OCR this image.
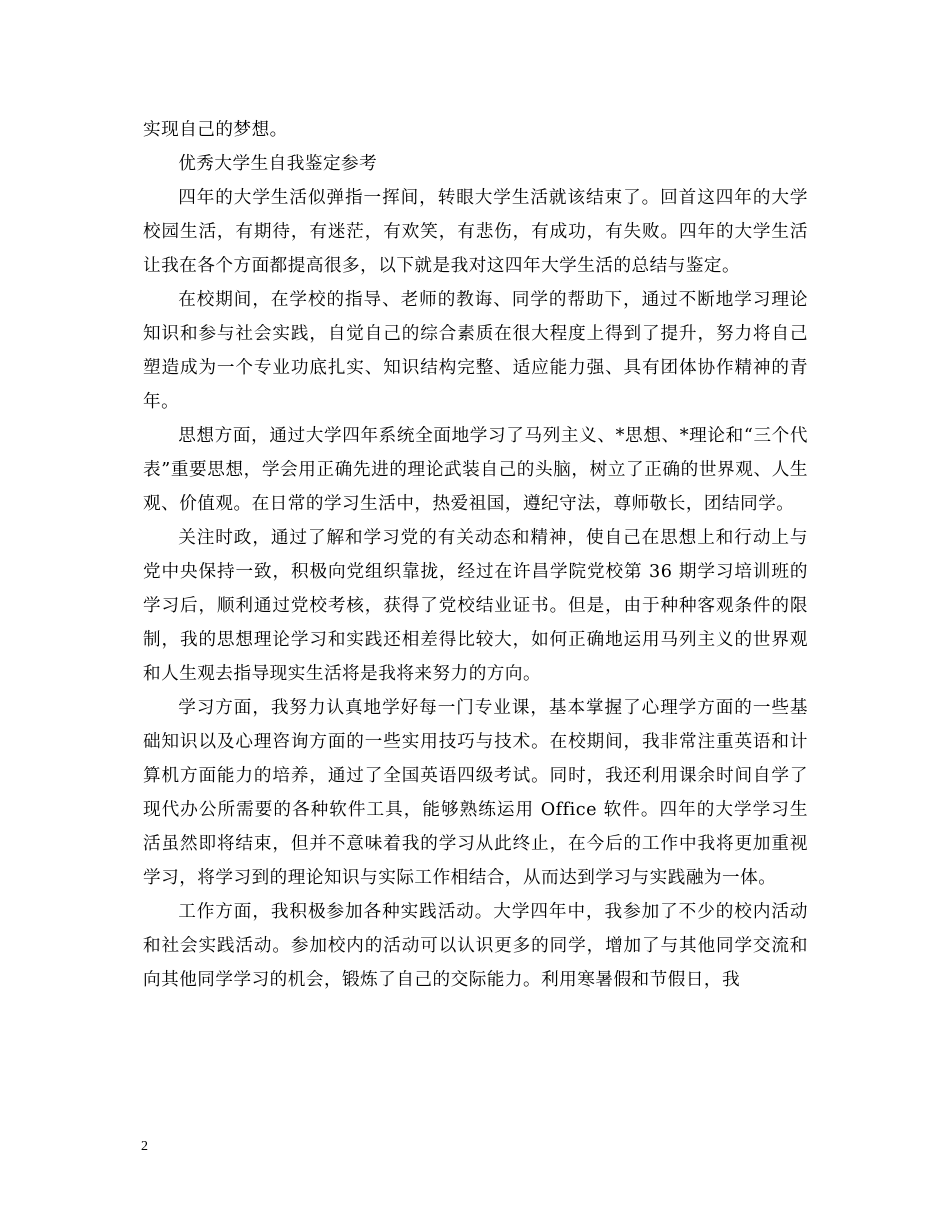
实现自己的梦想。

优秀大学生自我鉴定参考

四年的大学生活似弹指一挥间，转眼大学生活就该结束了。回首这四年的大学校园生活，有期待，有迷茫，有欢笑，有悲伤，有成功，有失败。四年的大学生活让我在各个方面都提高很多，以下就是我对这四年大学生活的总结与鉴定。

在校期间，在学校的指导、老师的教诲、同学的帮助下，通过不断地学习理论知识和参与社会实践，自觉自己的综合素质在很大程度上得到了提升，努力将自己塑造成为一个专业功底扎实、知识结构完整、适应能力强、具有团体协作精神的青年。

思想方面，通过大学四年系统全面地学习了马列主义、*思想、*理论和“三个代表”重要思想，学会用正确先进的理论武装自己的头脑，树立了正确的世界观、人生观、价值观。在日常的学习生活中，热爱祖国，遵纪守法，尊师敬长，团结同学。

关注时政，通过了解和学习党的有关动态和精神，使自己在思想上和行动上与党中央保持一致，积极向党组织靠拢，经过在许昌学院党校第 36 期学习培训班的学习后，顺利通过党校考核，获得了党校结业证书。但是，由于种种客观条件的限制，我的思想理论学习和实践还相差得比较大，如何正确地运用马列主义的世界观和人生观去指导现实生活将是我将来努力的方向。

学习方面，我努力认真地学好每一门专业课，基本掌握了心理学方面的一些基础知识以及心理咨询方面的一些实用技巧与技术。在校期间，我非常注重英语和计算机方面能力的培养，通过了全国英语四级考试。同时，我还利用课余时间自学了现代办公所需要的各种软件工具，能够熟练运用 Office 软件。四年的大学学习生活虽然即将结束，但并不意味着我的学习从此终止，在今后的工作中我将更加重视学习，将学习到的理论知识与实际工作相结合，从而达到学习与实践融为一体。

工作方面，我积极参加各种实践活动。大学四年中，我参加了不少的校内活动和社会实践活动。参加校内的活动可以认识更多的同学，增加了与其他同学交流和向其他同学学习的机会，锻炼了自己的交际能力。利用寒暑假和节假日，我

2
